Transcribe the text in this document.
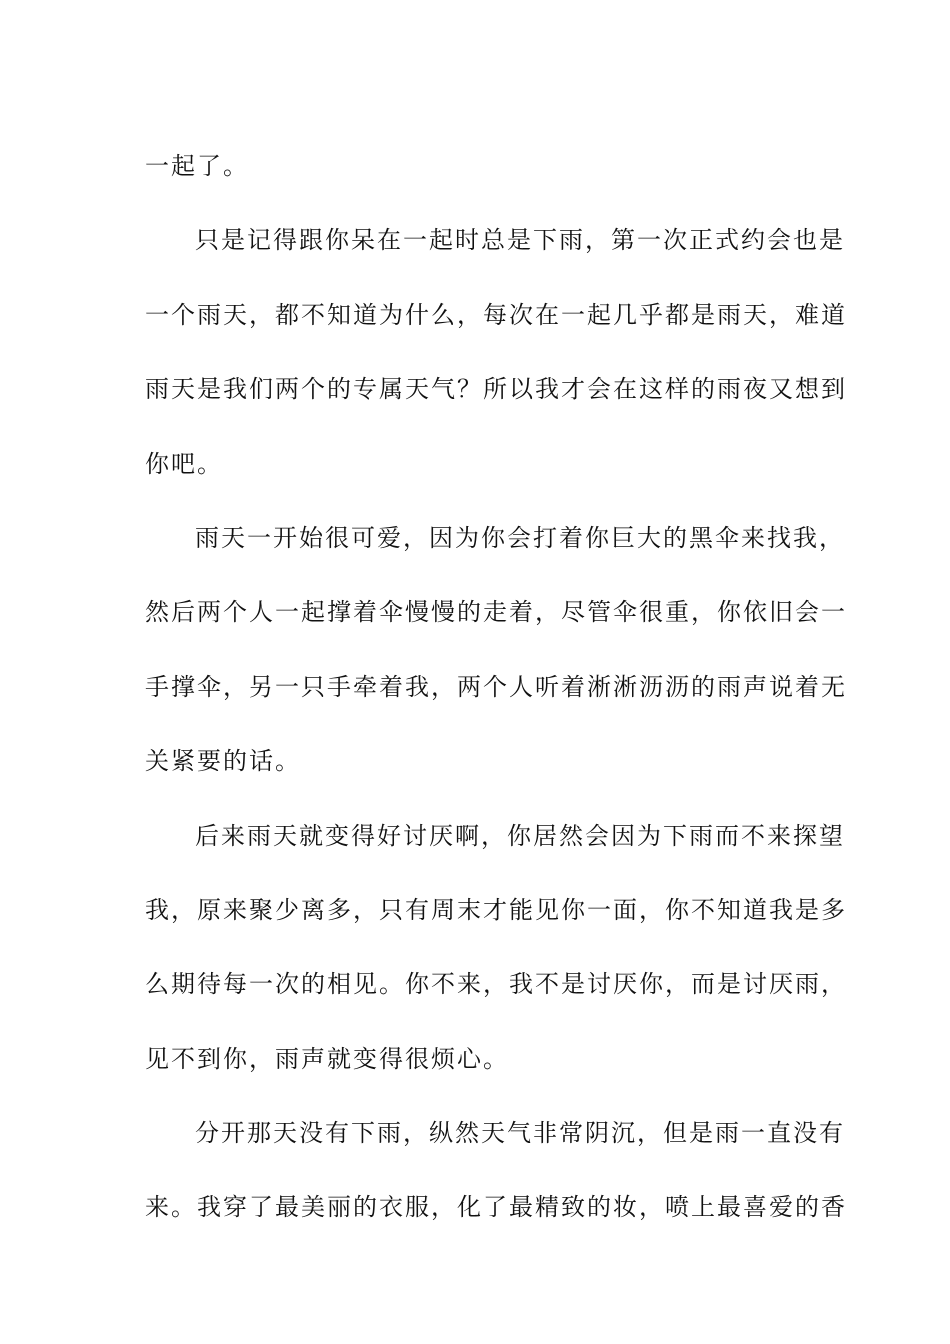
一起了。
只是记得跟你呆在一起时总是下雨，第一次正式约会也是
一个雨天，都不知道为什么，每次在一起几乎都是雨天，难道
雨天是我们两个的专属天气？所以我才会在这样的雨夜又想到
你吧。
雨天一开始很可爱，因为你会打着你巨大的黑伞来找我，
然后两个人一起撑着伞慢慢的走着，尽管伞很重，你依旧会一
手撑伞，另一只手牵着我，两个人听着淅淅沥沥的雨声说着无
关紧要的话。
后来雨天就变得好讨厌啊，你居然会因为下雨而不来探望
我，原来聚少离多，只有周末才能见你一面，你不知道我是多
么期待每一次的相见。你不来，我不是讨厌你，而是讨厌雨，
见不到你，雨声就变得很烦心。
分开那天没有下雨，纵然天气非常阴沉，但是雨一直没有
来。我穿了最美丽的衣服，化了最精致的妆，喷上最喜爱的香
